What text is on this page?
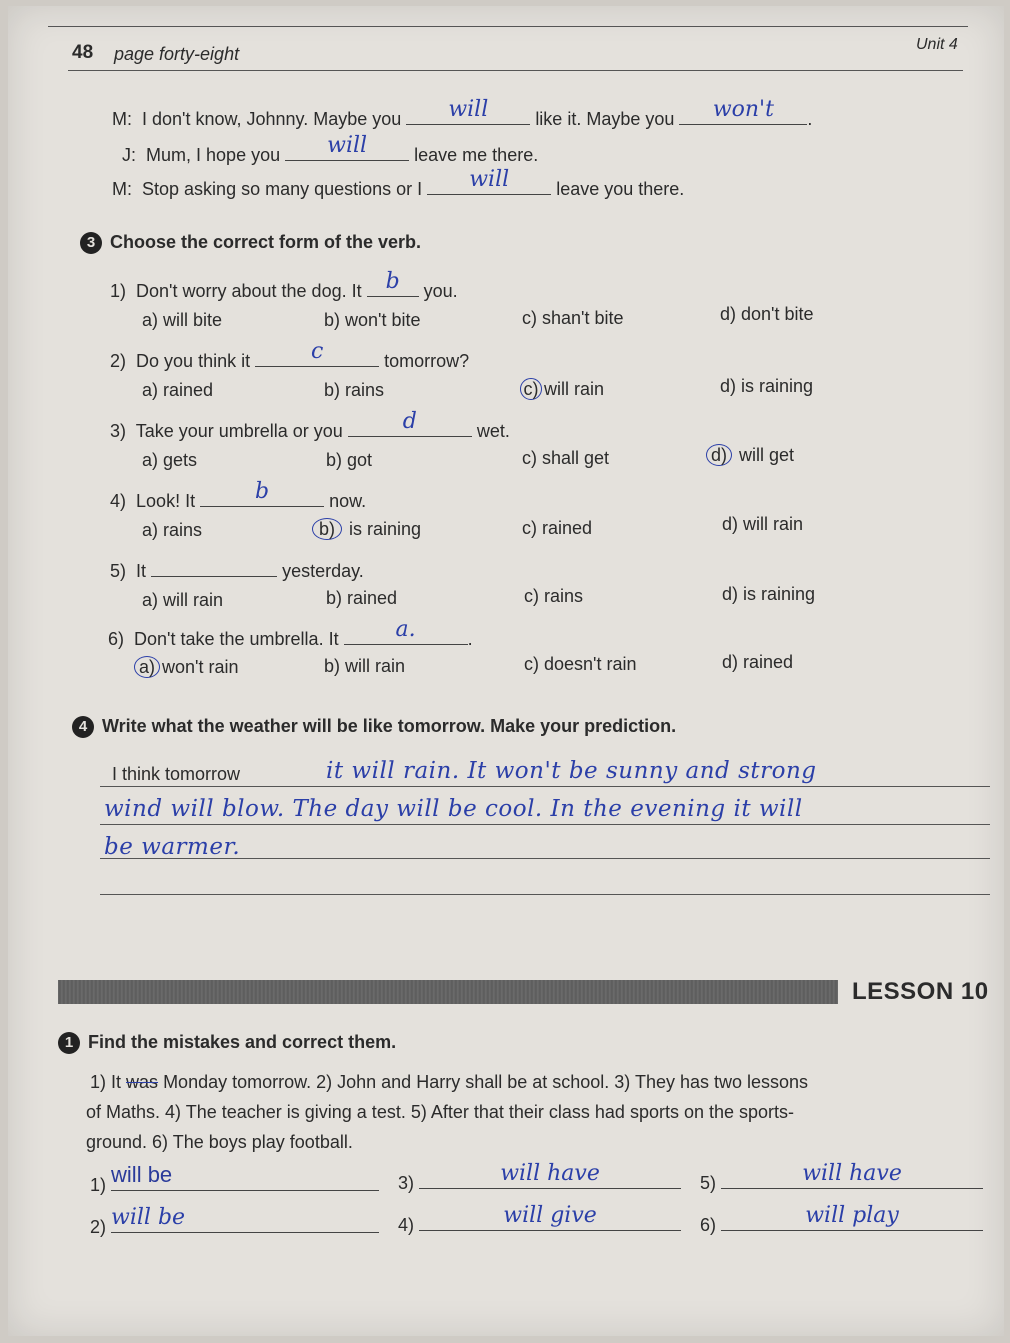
48 page forty-eight	Unit 4
M: I don't know, Johnny. Maybe you	will	like it. Maybe you	won't	.
J: Mum, I hope you	will	leave me there.
M: Stop asking so many questions or I	will	leave you there.
3 Choose the correct form of the verb.
1) Don't worry about the dog. It	b	you.
a) will bite	b) won't bite	c) shan't bite	d) don't bite
2) Do you think it	c	tomorrow?
a) rained	b) rains	c) will rain	d) is raining
3) Take your umbrella or you	d	wet.
a) gets	b) got	c) shall get	d) will get
4) Look! It	b	now.
a) rains	b) is raining	c) rained	d) will rain
5) It	yesterday.
a) will rain	b) rained	c) rains	d) is raining
6) Don't take the umbrella. It	a.	.
a) won't rain	b) will rain	c) doesn't rain	d) rained
4 Write what the weather will be like tomorrow. Make your prediction.
I think tomorrow	it will rain. It won't be sunny and strong
wind will blow. The day will be cool. In the evening it will
be warmer.
LESSON 10
1 Find the mistakes and correct them.
1) It was Monday tomorrow. 2) John and Harry shall be at school. 3) They has two lessons
of Maths. 4) The teacher is giving a test. 5) After that their class had sports on the sports-
ground. 6) The boys play football.
1) will be	3)	will have	5)	will have
2) will be	4)	will give	6)	will play
